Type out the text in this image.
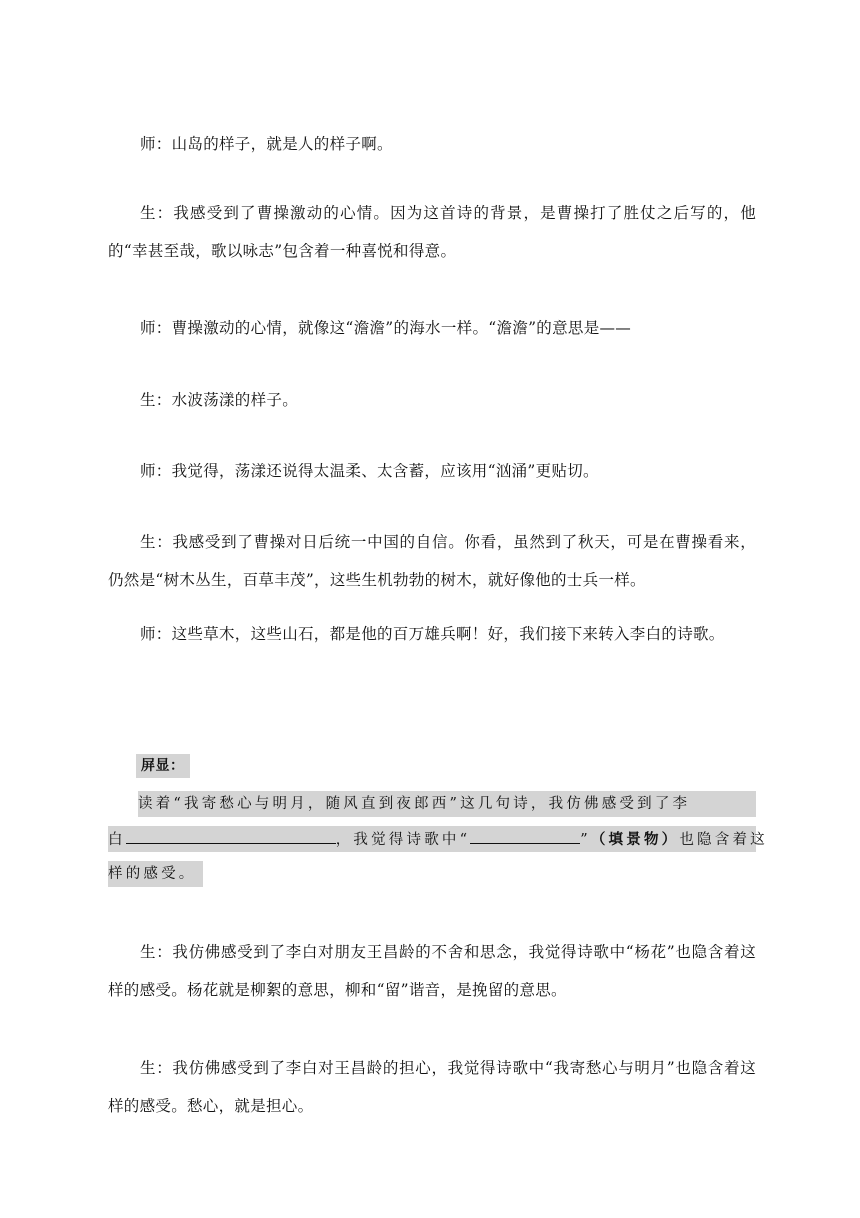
师：山岛的样子，就是人的样子啊。

生：我感受到了曹操激动的心情。因为这首诗的背景，是曹操打了胜仗之后写的，他的“幸甚至哉，歌以咏志”包含着一种喜悦和得意。

师：曹操激动的心情，就像这“澹澹”的海水一样。“澹澹”的意思是——

生：水波荡漾的样子。

师：我觉得，荡漾还说得太温柔、太含蓄，应该用“汹涌”更贴切。

生：我感受到了曹操对日后统一中国的自信。你看，虽然到了秋天，可是在曹操看来，仍然是“树木丛生，百草丰茂”，这些生机勃勃的树木，就好像他的士兵一样。

师：这些草木，这些山石，都是他的百万雄兵啊！好，我们接下来转入李白的诗歌。

屏显：
读着“我寄愁心与明月，随风直到夜郎西”这几句诗，我仿佛感受到了李
白	，我觉得诗歌中“	”（填景物）也隐含着这
样的感受。

生：我仿佛感受到了李白对朋友王昌龄的不舍和思念，我觉得诗歌中“杨花”也隐含着这样的感受。杨花就是柳絮的意思，柳和“留”谐音，是挽留的意思。

生：我仿佛感受到了李白对王昌龄的担心，我觉得诗歌中“我寄愁心与明月”也隐含着这样的感受。愁心，就是担心。
